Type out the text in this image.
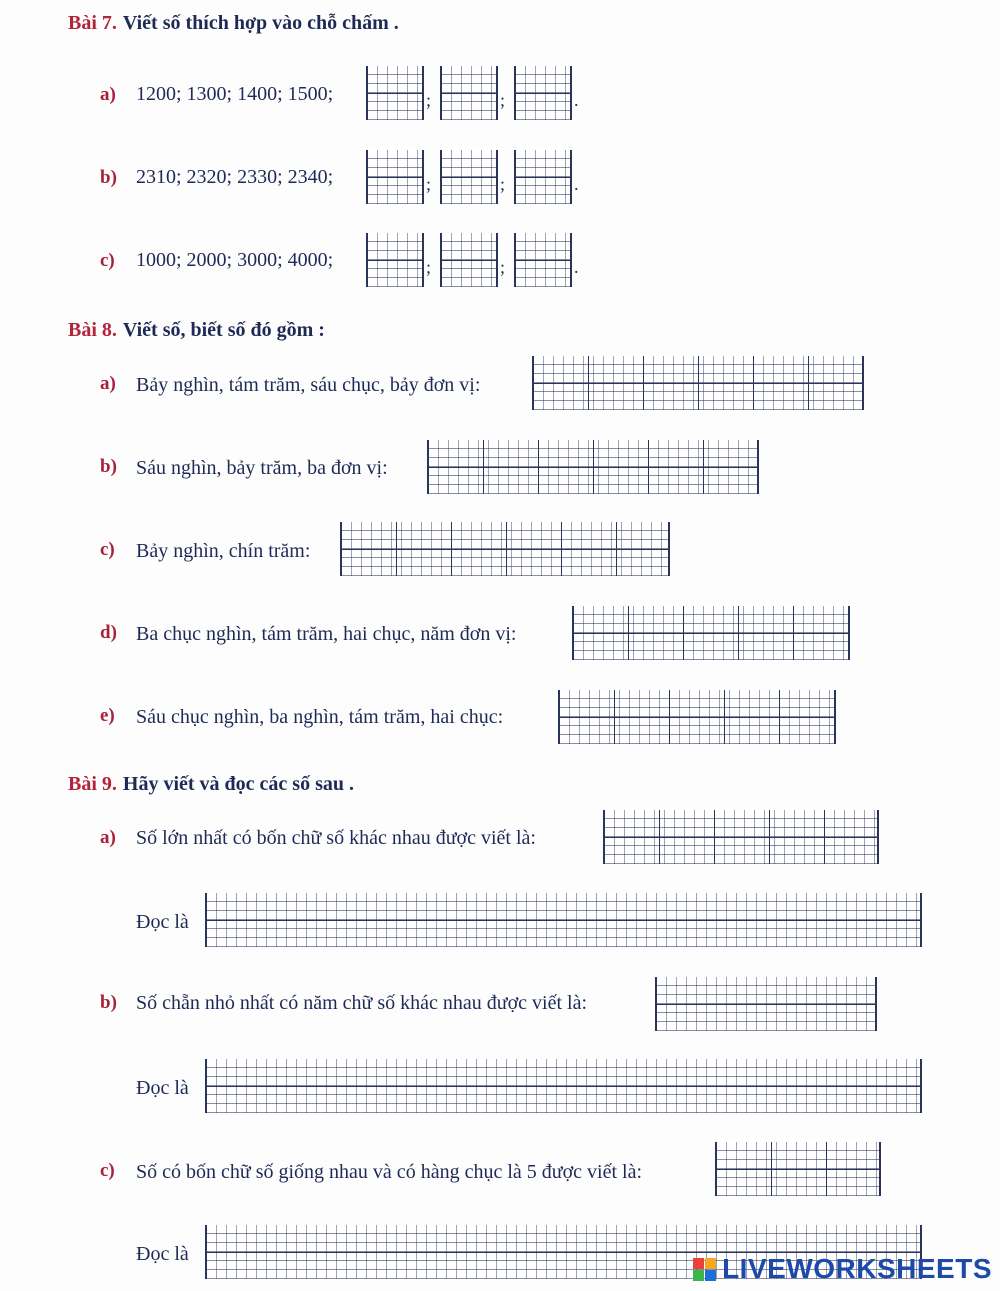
Bài 7. Viết số thích hợp vào chỗ chấm .
a) 1200; 1300; 1400; 1500;	;	;	.
b) 2310; 2320; 2330; 2340;	;	;	.
c) 1000; 2000; 3000; 4000;	;	;	.
Bài 8. Viết số, biết số đó gồm :
a) Bảy nghìn, tám trăm, sáu chục, bảy đơn vị:
b) Sáu nghìn, bảy trăm, ba đơn vị:
c) Bảy nghìn, chín trăm:
d) Ba chục nghìn, tám trăm, hai chục, năm đơn vị:
e) Sáu chục nghìn, ba nghìn, tám trăm, hai chục:
Bài 9. Hãy viết và đọc các số sau .
a) Số lớn nhất có bốn chữ số khác nhau được viết là:
Đọc là
b) Số chẵn nhỏ nhất có năm chữ số khác nhau được viết là:
Đọc là
c) Số có bốn chữ số giống nhau và có hàng chục là 5 được viết là:
Đọc là	LIVEWORKSHEETS
